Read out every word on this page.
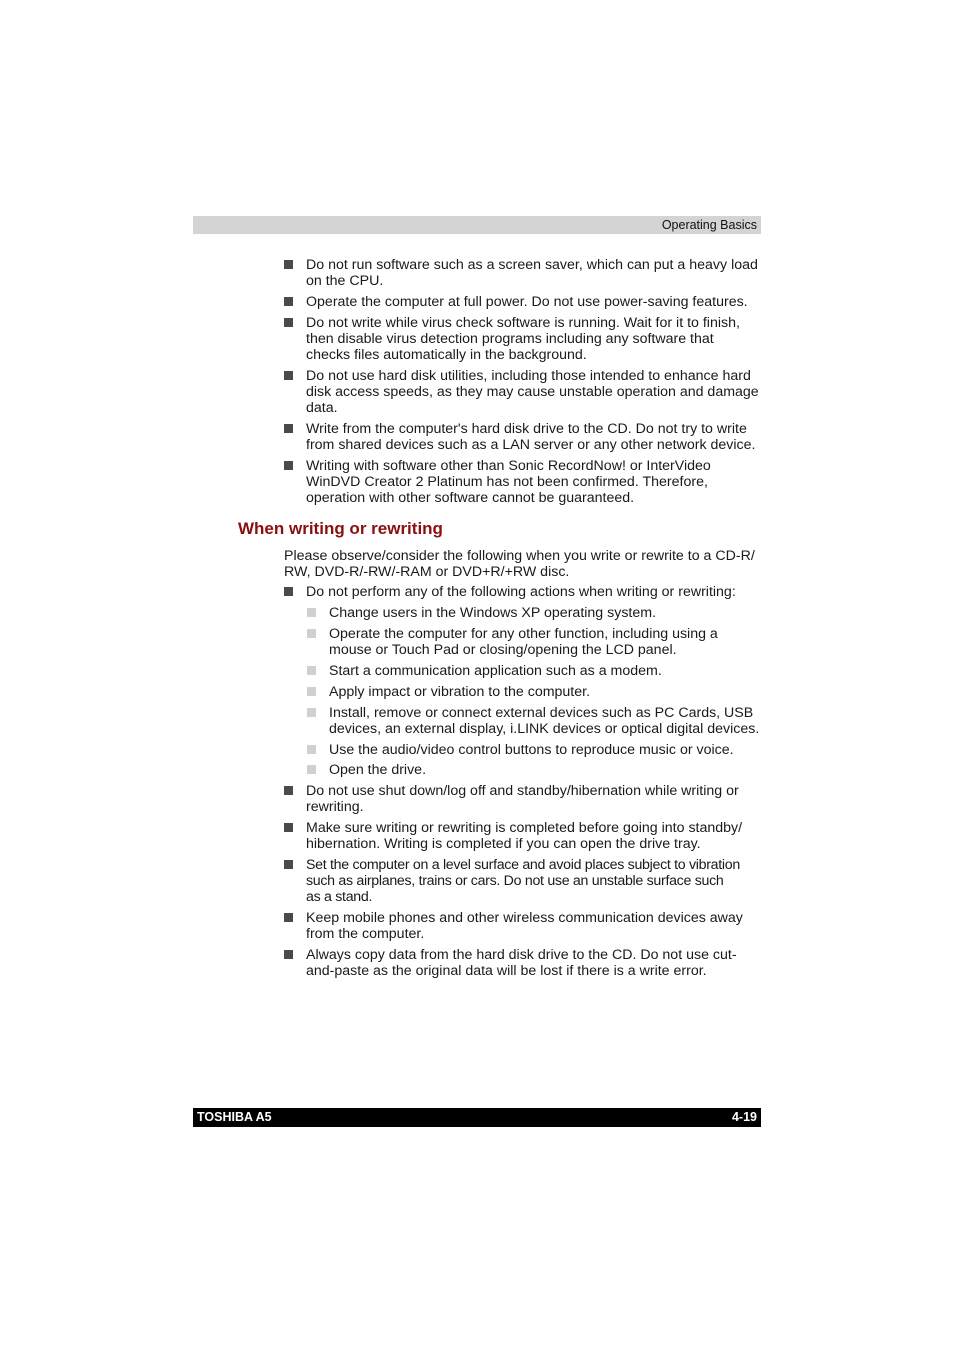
Operating Basics
Do not run software such as a screen saver, which can put a heavy load
on the CPU.
Operate the computer at full power. Do not use power-saving features.
Do not write while virus check software is running. Wait for it to finish,
then disable virus detection programs including any software that
checks files automatically in the background.
Do not use hard disk utilities, including those intended to enhance hard
disk access speeds, as they may cause unstable operation and damage
data.
Write from the computer's hard disk drive to the CD. Do not try to write
from shared devices such as a LAN server or any other network device.
Writing with software other than Sonic RecordNow! or InterVideo
WinDVD Creator 2 Platinum has not been confirmed. Therefore,
operation with other software cannot be guaranteed.
When writing or rewriting
Please observe/consider the following when you write or rewrite to a CD-R/
RW, DVD-R/-RW/-RAM or DVD+R/+RW disc.
Do not perform any of the following actions when writing or rewriting:
Change users in the Windows XP operating system.
Operate the computer for any other function, including using a
mouse or Touch Pad or closing/opening the LCD panel.
Start a communication application such as a modem.
Apply impact or vibration to the computer.
Install, remove or connect external devices such as PC Cards, USB
devices, an external display, i.LINK devices or optical digital devices.
Use the audio/video control buttons to reproduce music or voice.
Open the drive.
Do not use shut down/log off and standby/hibernation while writing or
rewriting.
Make sure writing or rewriting is completed before going into standby/
hibernation. Writing is completed if you can open the drive tray.
Set the computer on a level surface and avoid places subject to vibration
such as airplanes, trains or cars. Do not use an unstable surface such
as a stand.
Keep mobile phones and other wireless communication devices away
from the computer.
Always copy data from the hard disk drive to the CD. Do not use cut-
and-paste as the original data will be lost if there is a write error.
TOSHIBA A5	4-19
